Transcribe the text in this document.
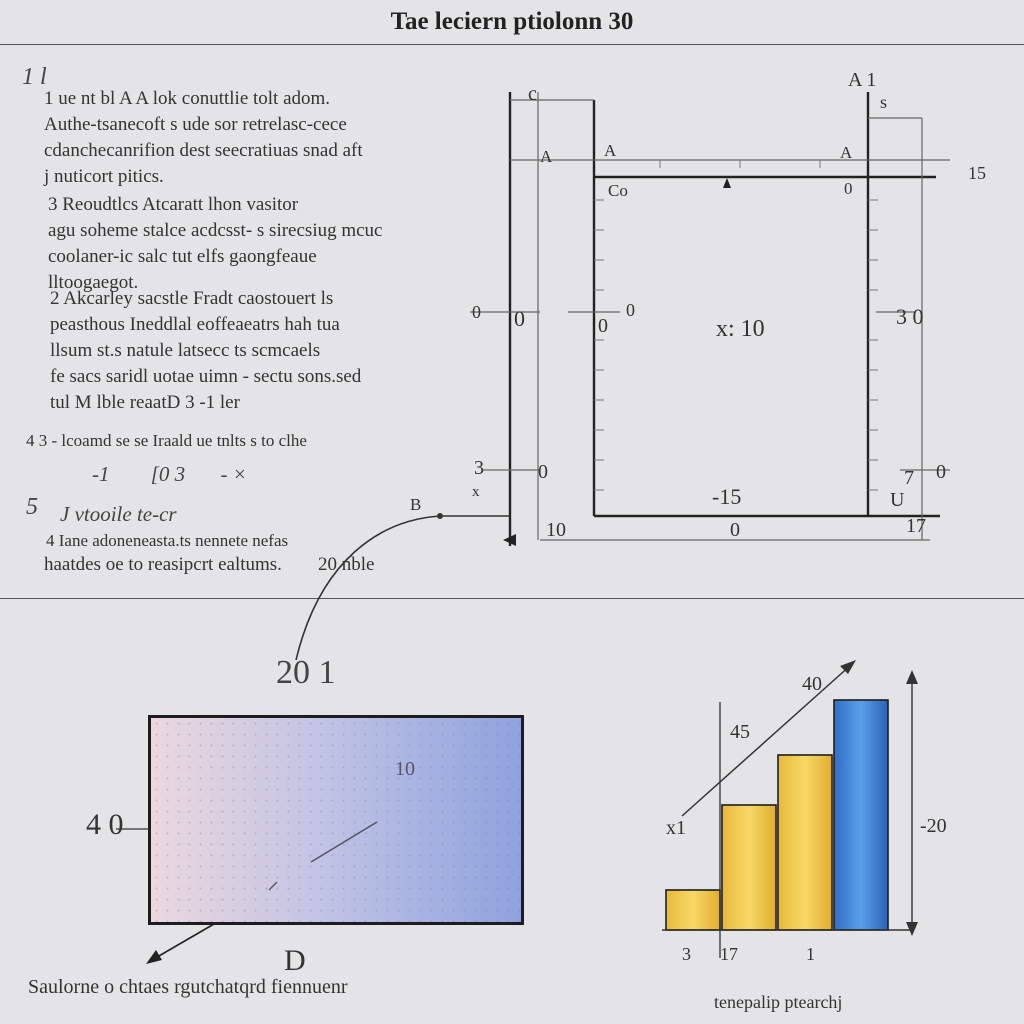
Tae leciern ptiolonn 30
1 l
1 ue nt bl A A lok conuttlie tolt adom.
Authe-tsanecoft s ude sor retrelasc-cece
cdanchecanrifion dest seecratiuas snad aft
j nuticort pitics.
3 Reoudtlcs Atcaratt lhon vasitor
agu soheme stalce acdcsst- s sirecsiug mcuc
coolaner-ic salc tut elfs gaongfeaue
lltoogaegot.
2 Akcarley sacstle Fradt caostouert ls
peasthous Ineddlal eoffeaeatrs hah tua
llsum st.s natule latsecc ts scmcaels
fe sacs saridl uotae uimn - sectu sons.sed
tul M lble reaatD 3 -1 ler
4 3 - lcoamd se se Iraald ue tnlts s to clhe
-1 [0 3 - ×
5 J vtooile te-cr
4 Iane adoneneasta.ts nennete nefas
haatdes oe to reasipcrt ealtums. 20 nble
c
A 1
s
A	A	A
Co	0
15
0 0	0
0
x: 10	3 0
3	0
x
7 0
U
-15
10	0	17
B
20 1
10
4 0
D
Saulorne o chtaes rgutchatqrd fiennuenr
40
45
x1	-20
3 17	1
tenepalip ptearchj
